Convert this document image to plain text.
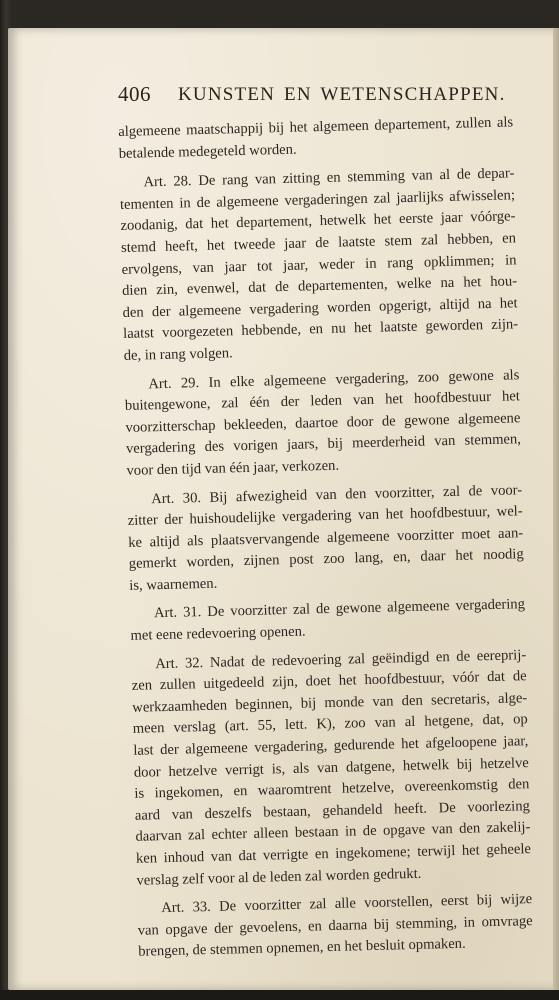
406 KUNSTEN EN WETENSCHAPPEN.
algemeene maatschappij bij het algemeen departement, zullen als
betalende medegeteld worden.
Art. 28. De rang van zitting en stemming van al de depar-
tementen in de algemeene vergaderingen zal jaarlijks afwisselen;
zoodanig, dat het departement, hetwelk het eerste jaar vóórge-
stemd heeft, het tweede jaar de laatste stem zal hebben, en
ervolgens, van jaar tot jaar, weder in rang opklimmen; in
dien zin, evenwel, dat de departementen, welke na het hou-
den der algemeene vergadering worden opgerigt, altijd na het
laatst voorgezeten hebbende, en nu het laatste geworden zijn-
de, in rang volgen.
Art. 29. In elke algemeene vergadering, zoo gewone als
buitengewone, zal één der leden van het hoofdbestuur het
voorzitterschap bekleeden, daartoe door de gewone algemeene
vergadering des vorigen jaars, bij meerderheid van stemmen,
voor den tijd van één jaar, verkozen.
Art. 30. Bij afwezigheid van den voorzitter, zal de voor-
zitter der huishoudelijke vergadering van het hoofdbestuur, wel-
ke altijd als plaatsvervangende algemeene voorzitter moet aan-
gemerkt worden, zijnen post zoo lang, en, daar het noodig
is, waarnemen.
Art. 31. De voorzitter zal de gewone algemeene vergadering
met eene redevoering openen.
Art. 32. Nadat de redevoering zal geëindigd en de eereprij-
zen zullen uitgedeeld zijn, doet het hoofdbestuur, vóór dat de
werkzaamheden beginnen, bij monde van den secretaris, alge-
meen verslag (art. 55, lett. K), zoo van al hetgene, dat, op
last der algemeene vergadering, gedurende het afgeloopene jaar,
door hetzelve verrigt is, als van datgene, hetwelk bij hetzelve
is ingekomen, en waaromtrent hetzelve, overeenkomstig den
aard van deszelfs bestaan, gehandeld heeft. De voorlezing
daarvan zal echter alleen bestaan in de opgave van den zakelij-
ken inhoud van dat verrigte en ingekomene; terwijl het geheele
verslag zelf voor al de leden zal worden gedrukt.
Art. 33. De voorzitter zal alle voorstellen, eerst bij wijze
van opgave der gevoelens, en daarna bij stemming, in omvrage
brengen, de stemmen opnemen, en het besluit opmaken.
